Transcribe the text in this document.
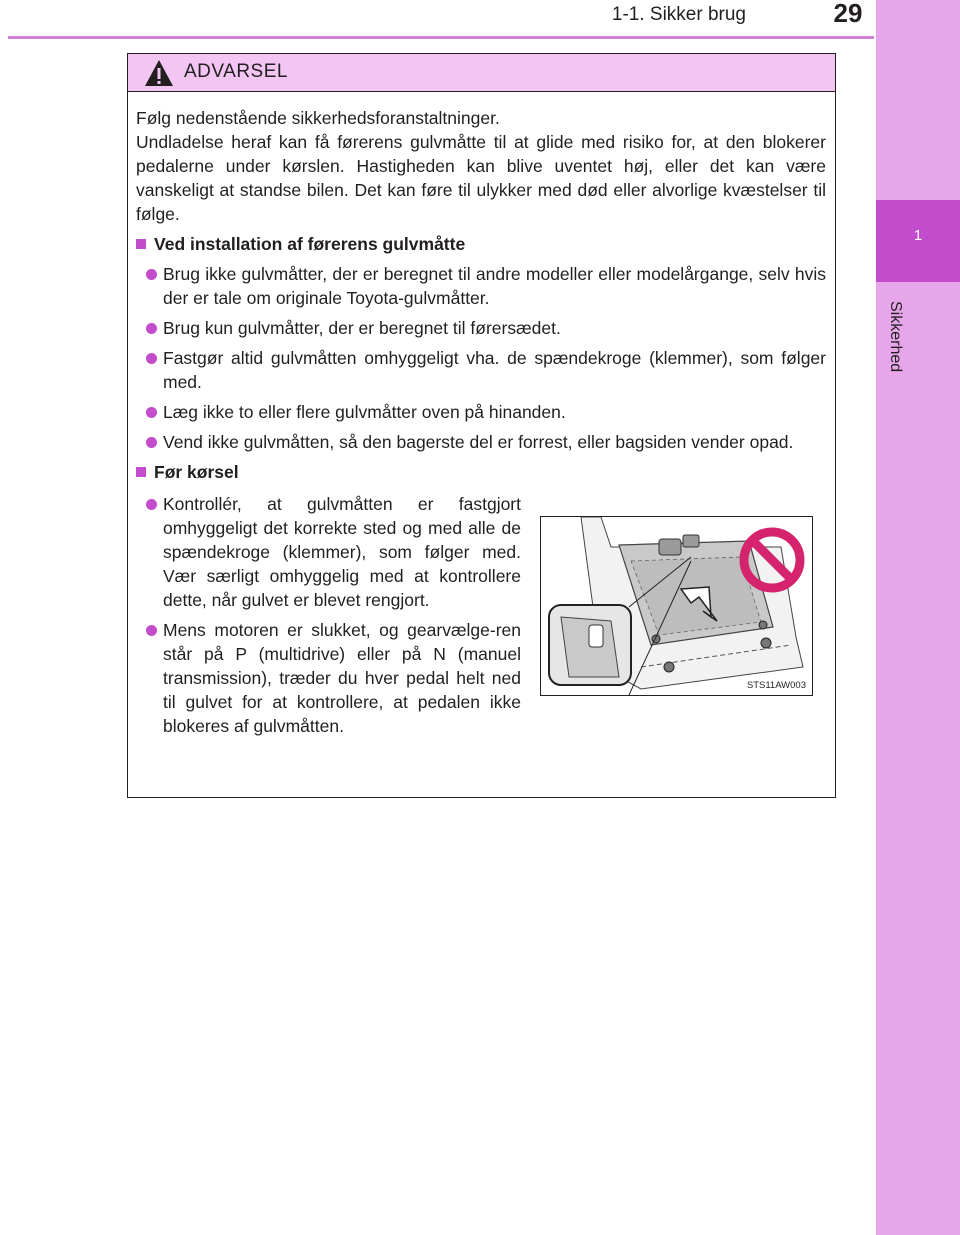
1-1. Sikker brug	29
1
Sikkerhed
ADVARSEL

Følg nedenstående sikkerhedsforanstaltninger.

Undladelse heraf kan få førerens gulvmåtte til at glide med risiko for, at den blokerer pedalerne under kørslen. Hastigheden kan blive uventet høj, eller det kan være vanskeligt at standse bilen. Det kan føre til ulykker med død eller alvorlige kvæstelser til følge.

Ved installation af førerens gulvmåtte
Brug ikke gulvmåtter, der er beregnet til andre modeller eller modelårgange, selv hvis der er tale om originale Toyota-gulvmåtter.
Brug kun gulvmåtter, der er beregnet til førersædet.
Fastgør altid gulvmåtten omhyggeligt vha. de spændekroge (klemmer), som følger med.
Læg ikke to eller flere gulvmåtter oven på hinanden.
Vend ikke gulvmåtten, så den bagerste del er forrest, eller bagsiden vender opad.
Før kørsel
Kontrollér, at gulvmåtten er fastgjort omhyggeligt det korrekte sted og med alle de spændekroge (klemmer), som følger med. Vær særligt omhyggelig med at kontrollere dette, når gulvet er blevet rengjort.
Mens motoren er slukket, og gearvælge-ren står på P (multidrive) eller på N (manuel transmission), træder du hver pedal helt ned til gulvet for at kontrollere, at pedalen ikke blokeres af gulvmåtten.
STS11AW003
